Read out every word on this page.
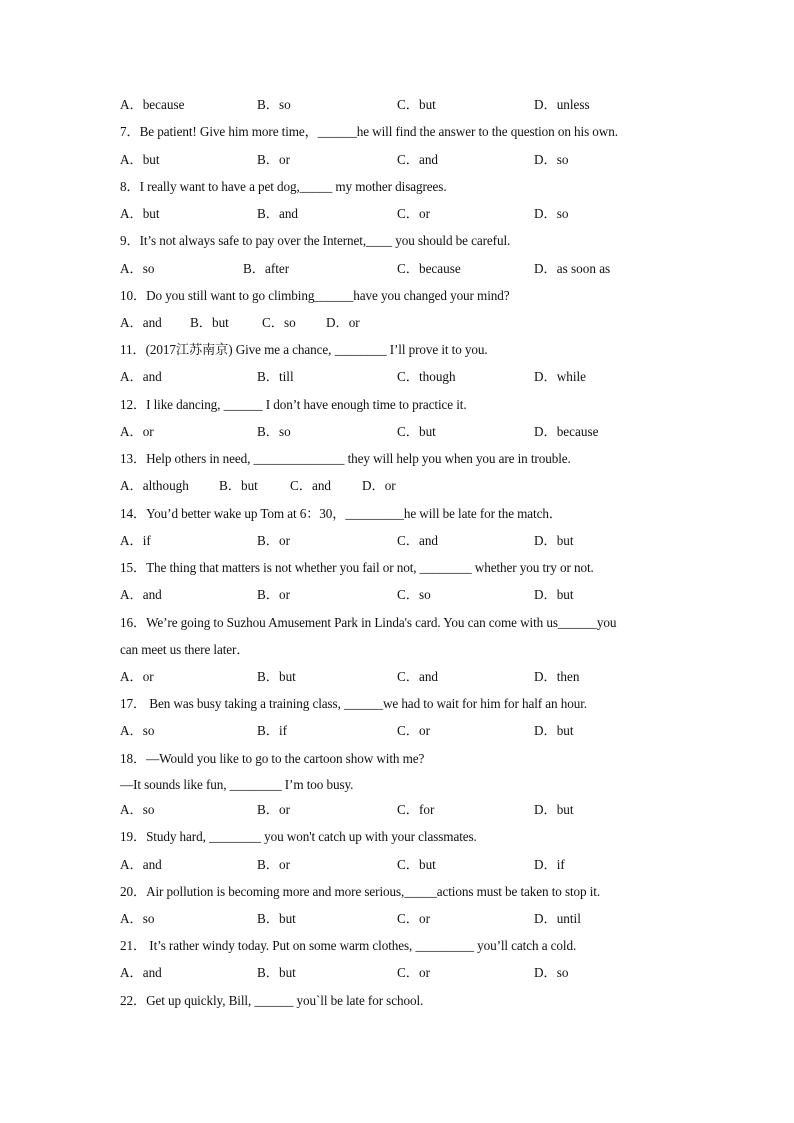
A．because	B．so	C．but	D．unless
7．Be patient! Give him more time，______he will find the answer to the question on his own.
A．but	B．or	C．and	D．so
8．I really want to have a pet dog,_____ my mother disagrees.
A．but	B．and	C．or	D．so
9．It’s not always safe to pay over the Internet,____ you should be careful.
A．so	B．after	C．because	D．as soon as
10．Do you still want to go climbing______have you changed your mind?
A．and B．but	C．so D．or
11．(2017江苏南京) Give me a chance, ________ I’ll prove it to you.
A．and	B．till	C．though	D．while
12．I like dancing, ______ I don’t have enough time to practice it.
A．or	B．so	C．but	D．because
13．Help others in need, ______________ they will help you when you are in trouble.
A．although B．but C．and D．or
14．You’d better wake up Tom at 6：30，_________he will be late for the match．
A．if	B．or	C．and	D．but
15．The thing that matters is not whether you fail or not, ________ whether you try or not.
A．and	B．or	C．so	D．but
16．We’re going to Suzhou Amusement Park in Linda's card. You can come with us______you
can meet us there later．
A．or	B．but	C．and	D．then
17． Ben was busy taking a training class, ______we had to wait for him for half an hour.
A．so	B．if	C．or	D．but
18．—Would you like to go to the cartoon show with me?
—It sounds like fun, ________ I’m too busy.
A．so	B．or	C．for	D．but
19．Study hard, ________ you won't catch up with your classmates.
A．and	B．or	C．but	D．if
20．Air pollution is becoming more and more serious,_____actions must be taken to stop it.
A．so	B．but	C．or	D．until
21． It’s rather windy today. Put on some warm clothes, _________ you’ll catch a cold.
A．and	B．but	C．or	D．so
22．Get up quickly, Bill, ______ you`ll be late for school.
